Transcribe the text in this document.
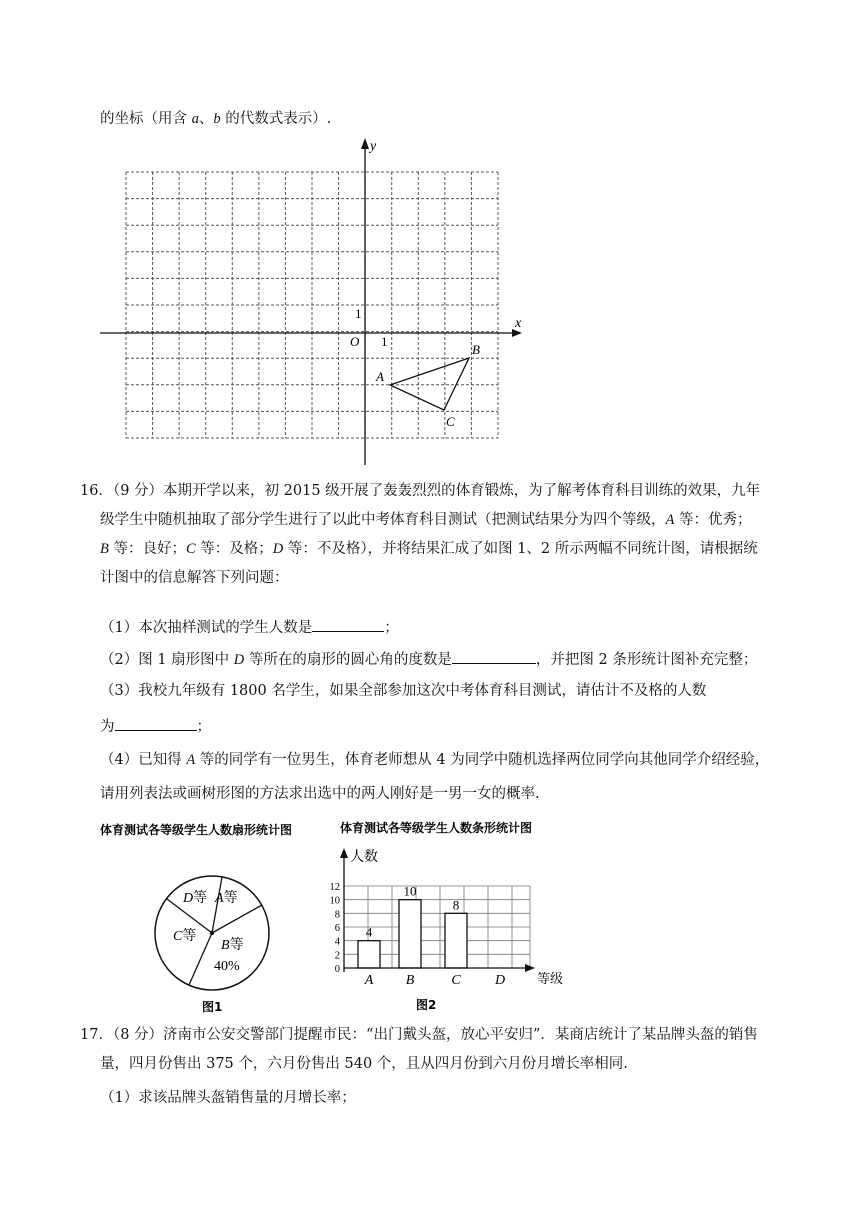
的坐标（用含 a、b 的代数式表示）.
y
x
O 1
1
A
B
C
16．（9 分）本期开学以来，初 2015 级开展了轰轰烈烈的体育锻炼，为了解考体育科目训练的效果，九年
级学生中随机抽取了部分学生进行了以此中考体育科目测试（把测试结果分为四个等级，A 等：优秀；
B 等：良好；C 等：及格；D 等：不及格），并将结果汇成了如图 1、2 所示两幅不同统计图，请根据统
计图中的信息解答下列问题：
（1）本次抽样测试的学生人数是	；
（2）图 1 扇形图中 D 等所在的扇形的圆心角的度数是	，并把图 2 条形统计图补充完整；
（3）我校九年级有 1800 名学生，如果全部参加这次中考体育科目测试，请估计不及格的人数
为	；
（4）已知得 A 等的同学有一位男生，体育老师想从 4 为同学中随机选择两位同学向其他同学介绍经验，
请用列表法或画树形图的方法求出选中的两人刚好是一男一女的概率.
体育测试各等级学生人数扇形统计图
D等 A等
C等
B等
40%
图1
体育测试各等级学生人数条形统计图
0
2
4
6
8
10
12
4
10
8
A B	C D
人数
等级
图2
17．（8 分）济南市公安交警部门提醒市民：“出门戴头盔，放心平安归”．某商店统计了某品牌头盔的销售
量，四月份售出 375 个，六月份售出 540 个，且从四月份到六月份月增长率相同.
（1）求该品牌头盔销售量的月增长率；
